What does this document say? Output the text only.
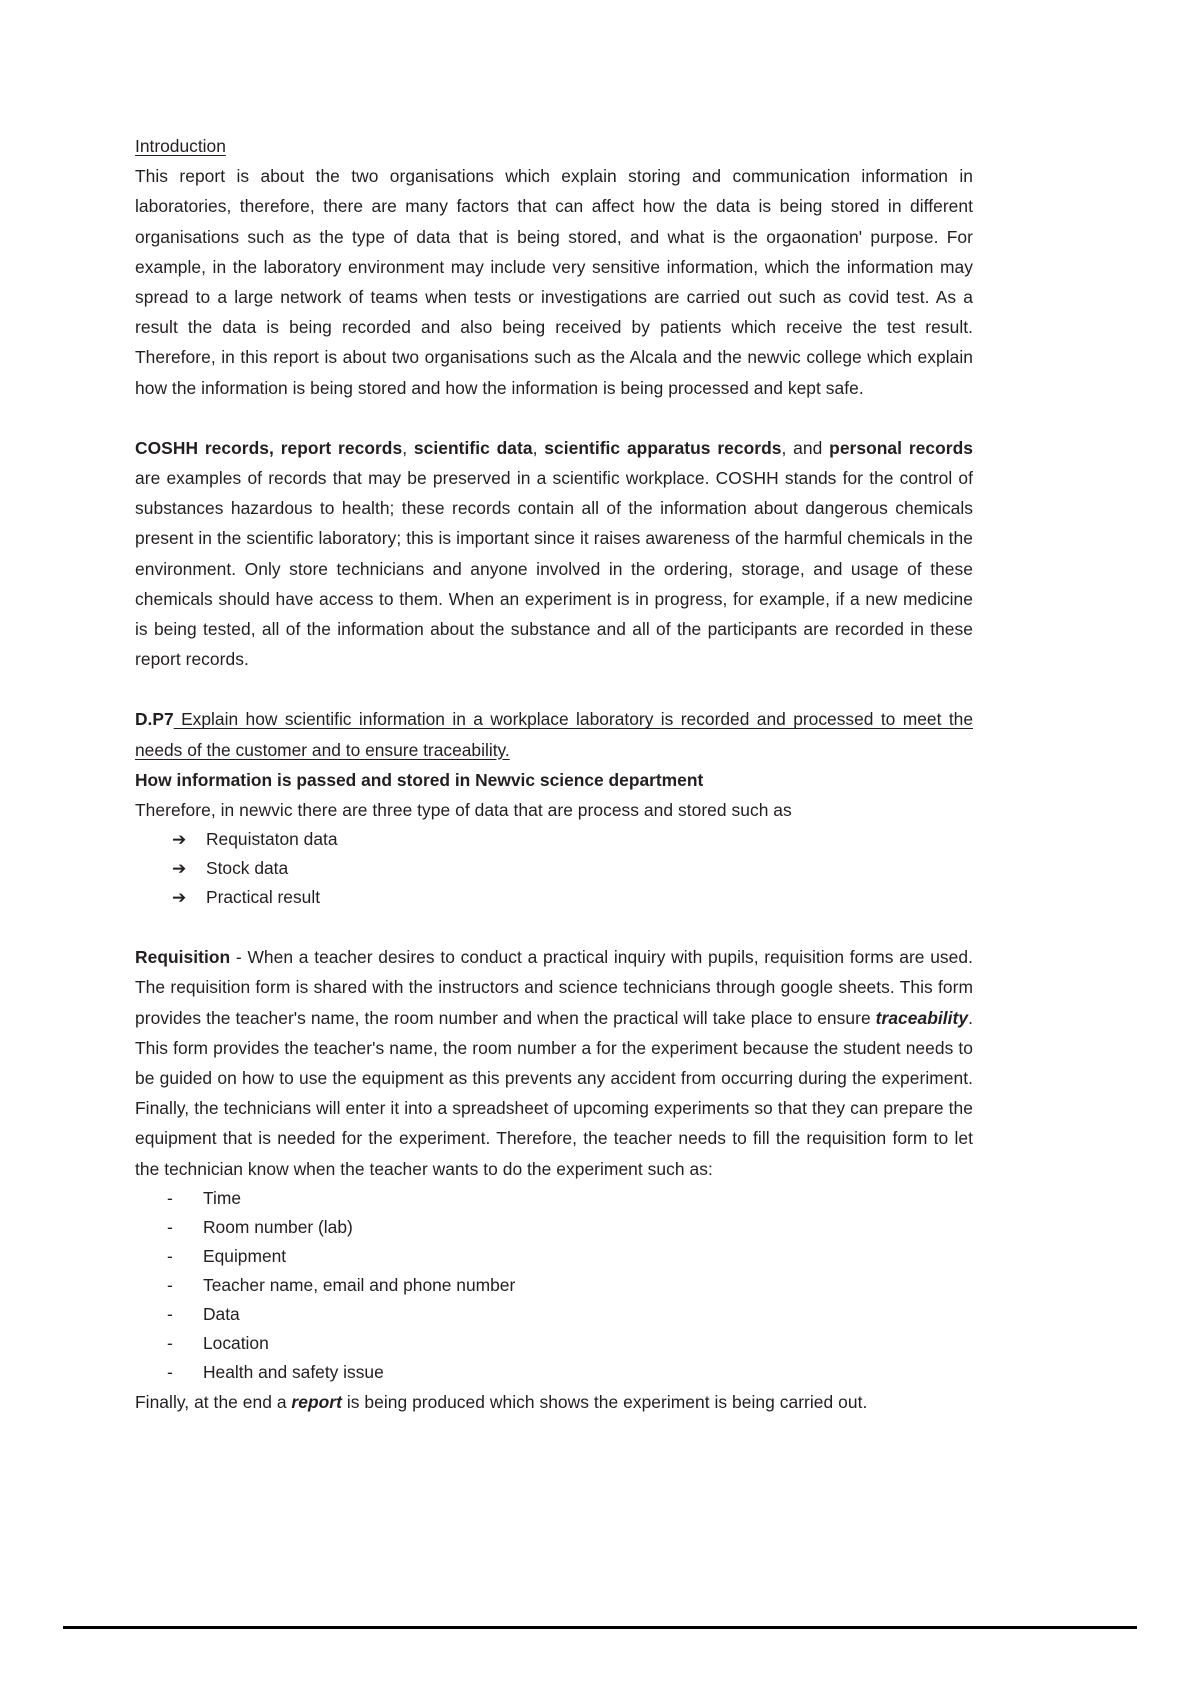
Introduction

This report is about the two organisations which explain storing and communication information in laboratories, therefore, there are many factors that can affect how the data is being stored in different organisations such as the type of data that is being stored, and what is the orgaonation' purpose. For example, in the laboratory environment may include very sensitive information, which the information may spread to a large network of teams when tests or investigations are carried out such as covid test. As a result the data is being recorded and also being received by patients which receive the test result. Therefore, in this report is about two organisations such as the Alcala and the newvic college which explain how the information is being stored and how the information is being processed and kept safe.

COSHH records, report records, scientific data, scientific apparatus records, and personal records are examples of records that may be preserved in a scientific workplace. COSHH stands for the control of substances hazardous to health; these records contain all of the information about dangerous chemicals present in the scientific laboratory; this is important since it raises awareness of the harmful chemicals in the environment. Only store technicians and anyone involved in the ordering, storage, and usage of these chemicals should have access to them. When an experiment is in progress, for example, if a new medicine is being tested, all of the information about the substance and all of the participants are recorded in these report records.

D.P7 Explain how scientific information in a workplace laboratory is recorded and processed to meet the needs of the customer and to ensure traceability.

How information is passed and stored in Newvic science department

Therefore, in newvic there are three type of data that are process and stored such as

➔ Requistaton data
➔ Stock data
➔ Practical result

Requisition - When a teacher desires to conduct a practical inquiry with pupils, requisition forms are used. The requisition form is shared with the instructors and science technicians through google sheets. This form provides the teacher's name, the room number and when the practical will take place to ensure traceability. This form provides the teacher's name, the room number a for the experiment because the student needs to be guided on how to use the equipment as this prevents any accident from occurring during the experiment. Finally, the technicians will enter it into a spreadsheet of upcoming experiments so that they can prepare the equipment that is needed for the experiment. Therefore, the teacher needs to fill the requisition form to let the technician know when the teacher wants to do the experiment such as:

- Time
- Room number (lab)
- Equipment
- Teacher name, email and phone number
- Data
- Location
- Health and safety issue

Finally, at the end a report is being produced which shows the experiment is being carried out.
